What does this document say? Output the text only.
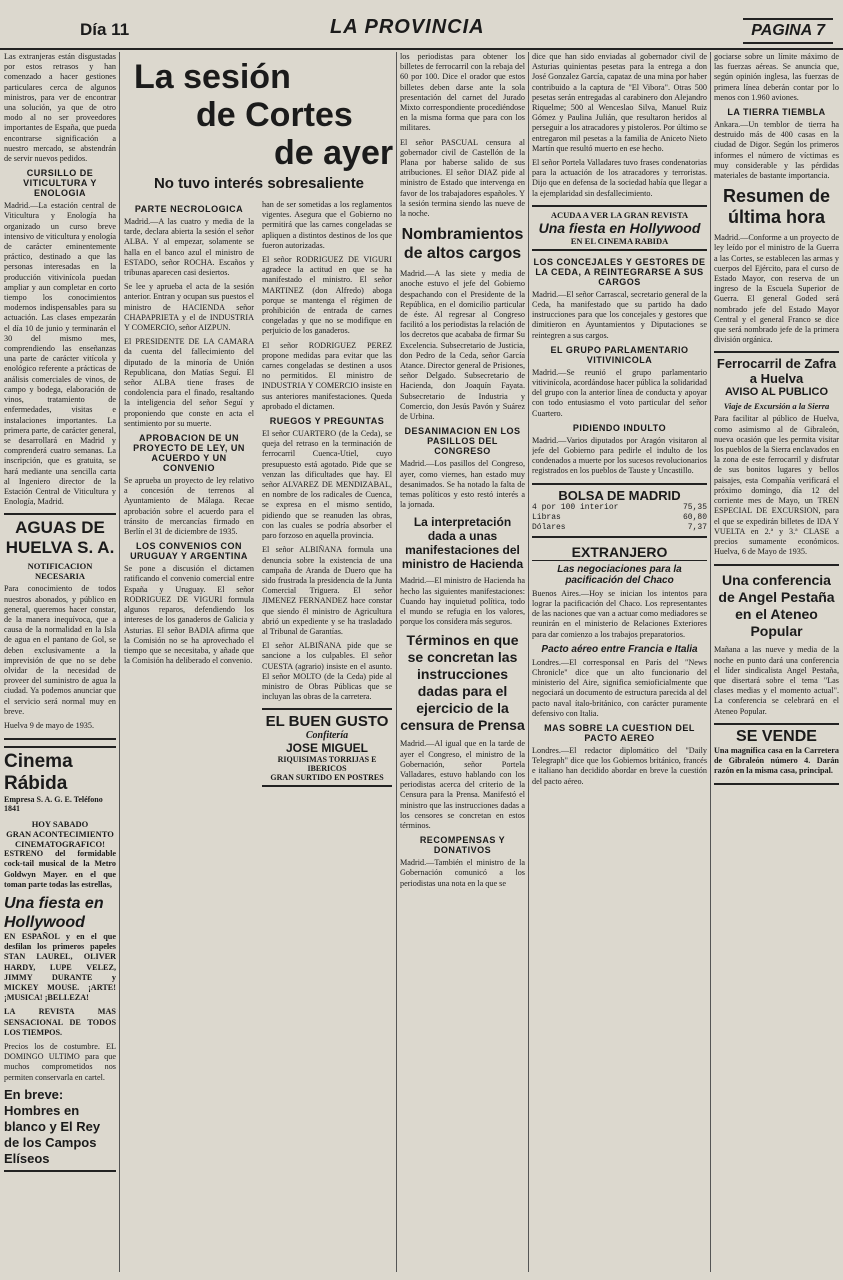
Día 11	LA PROVINCIA	PAGINA 7

Las extranjeras están disgustadas por estos retrasos y han comenzado a hacer gestiones particulares cerca de algunos ministros, para ver de encontrar una solución, ya que de otro modo al no ser proveedores importantes de España, que pueda encontrarse significación a nuestro mercado, se abstendrán de servir nuevos pedidos.

CURSILLO DE VITICULTURA Y ENOLOGIA

Madrid.—La estación central de Viticultura y Enología ha organizado un curso breve intensivo de viticultura y enología de carácter eminentemente práctico, destinado a que las personas interesadas en la producción vitivinícola puedan ampliar y aun completar en corto tiempo los conocimientos modernos indispensables para su actuación. Las clases empezarán el día 10 de junio y terminarán el 30 del mismo mes, comprendiendo las enseñanzas una parte de carácter vitícola y enológico referente a prácticas de análisis comerciales de vinos, de campo y bodega, elaboración de vinos, tratamiento de enfermedades, visitas e instalaciones importantes. La primera parte, de carácter general, se desarrollará en Madrid y comprenderá cuatro semanas. La inscripción, que es gratuita, se hará mediante una sencilla carta al Ingeniero director de la Estación Central de Viticultura y Enología, Madrid.

AGUAS DE HUELVA S. A.
NOTIFICACION NECESARIA

Para conocimiento de todos nuestros abonados, y público en general, queremos hacer constar, de la manera inequívoca, que a causa de la normalidad en la Isla de agua en el pantano de Gol, se deben exclusivamente a la imprevisión de que no se debe olvidar de la necesidad de proveer del suministro de agua la ciudad. Ya podemos anunciar que el servicio será normal muy en breve.

Huelva 9 de mayo de 1935.

Cinema Rábida
Empresa S. A. G. E. Teléfono 1841
HOY SABADO
GRAN ACONTECIMIENTO CINEMATOGRAFICO!

ESTRENO del formidable cock-tail musical de la Metro Goldwyn Mayer. en el que toman parte todas las estrellas,

Una fiesta en Hollywood

EN ESPAÑOL y en el que desfilan los primeros papeles STAN LAUREL, OLIVER HARDY, LUPE VELEZ, JIMMY DURANTE y MICKEY MOUSE. ¡ARTE! ¡MUSICA! ¡BELLEZA!

LA REVISTA MAS SENSACIONAL DE TODOS LOS TIEMPOS.

Precios los de costumbre. EL DOMINGO ULTIMO para que muchos comprometidos nos permiten conservarla en cartel.

En breve: Hombres en blanco y El Rey de los Campos Elíseos
La sesión
de Cortes
de ayer
No tuvo interés sobresaliente
PARTE NECROLOGICA

Madrid.—A las cuatro y media de la tarde, declara abierta la sesión el señor ALBA. Y al empezar, solamente se halla en el banco azul el ministro de ESTADO, señor ROCHA. Escaños y tribunas aparecen casi desiertos.

Se lee y aprueba el acta de la sesión anterior. Entran y ocupan sus puestos el ministro de HACIENDA señor CHAPAPRIETA y el de INDUSTRIA Y COMERCIO, señor AIZPUN.

El PRESIDENTE DE LA CAMARA da cuenta del fallecimiento del diputado de la minoría de Unión Republicana, don Matías Seguí. El señor ALBA tiene frases de condolencia para el finado, resaltando la inteligencia del señor Seguí y proponiendo que conste en acta el sentimiento por su muerte.

APROBACION DE UN PROYECTO DE LEY, UN ACUERDO Y UN CONVENIO

Se aprueba un proyecto de ley relativo a concesión de terrenos al Ayuntamiento de Málaga. Recae aprobación sobre el acuerdo para el tránsito de mercancías firmado en Berlín el 31 de diciembre de 1935.

LOS CONVENIOS CON URUGUAY Y ARGENTINA

Se pone a discusión el dictamen ratificando el convenio comercial entre España y Uruguay. El señor RODRIGUEZ DE VIGURI formula algunos reparos, defendiendo los intereses de los ganaderos de Galicia y Asturias. El señor BADIA afirma que la Comisión no se ha aprovechado el tiempo que se necesitaba, y añade que la Comisión ha deliberado el convenio.

han de ser sometidas a los reglamentos vigentes. Asegura que el Gobierno no permitirá que las carnes congeladas se apliquen a distintos destinos de los que fueron autorizadas.

El señor RODRIGUEZ DE VIGURI agradece la actitud en que se ha manifestado el ministro. El señor MARTINEZ (don Alfredo) aboga porque se mantenga el régimen de prohibición de entrada de carnes congeladas y que no se modifique en perjuicio de los ganaderos.

El señor RODRIGUEZ PEREZ propone medidas para evitar que las carnes congeladas se destinen a usos no permitidos. El ministro de INDUSTRIA Y COMERCIO insiste en sus anteriores manifestaciones. Queda aprobado el dictamen.

RUEGOS Y PREGUNTAS

El señor CUARTERO (de la Ceda), se queja del retraso en la terminación de ferrocarril Cuenca-Utiel, cuyo presupuesto está agotado. Pide que se venzan las dificultades que hay. El señor ALVAREZ DE MENDIZABAL, en nombre de los radicales de Cuenca, se expresa en el mismo sentido, pidiendo que se reanuden las obras, con las cuales se podría absorber el paro forzoso en aquella provincia.

El señor ALBIÑANA formula una denuncia sobre la existencia de una campaña de Aranda de Duero que ha sido frustrada la presidencia de la Junta Comercial Triguera. El señor JIMENEZ FERNANDEZ hace constar que siendo él ministro de Agricultura abrió un expediente y se ha trasladado al Tribunal de Garantías.

El señor ALBIÑANA pide que se sancione a los culpables. El señor CUESTA (agrario) insiste en el asunto. El señor MOLTO (de la Ceda) pide al ministro de Obras Públicas que se incluyan las obras de la carretera.

EL BUEN GUSTO
Confitería
JOSE MIGUEL
RIQUISIMAS TORRIJAS E IBERICOS
GRAN SURTIDO EN POSTRES

los periodistas para obtener los billetes de ferrocarril con la rebaja del 60 por 100. Dice el orador que estos billetes deben darse ante la sola presentación del carnet del Jurado Mixto correspondiente procediéndose en la misma forma que para con los militares.

El señor PASCUAL censura al gobernador civil de Castellón de la Plana por haberse salido de sus atribuciones. El señor DIAZ pide al ministro de Estado que intervenga en favor de los trabajadores españoles. Y la sesión termina siendo las nueve de la noche.

Nombramientos de altos cargos

Madrid.—A las siete y media de anoche estuvo el jefe del Gobierno despachando con el Presidente de la República, en el domicilio particular de éste. Al regresar al Congreso facilitó a los periodistas la relación de los decretos que acababa de firmar Su Excelencia. Subsecretario de Justicia, don Pedro de la Ceda, señor García Atance. Director general de Prisiones, señor Delgado. Subsecretario de Hacienda, don Joaquín Fayata. Subsecretario de Industria y Comercio, don Jesús Pavón y Suárez de Urbina.

DESANIMACION EN LOS PASILLOS DEL CONGRESO

Madrid.—Los pasillos del Congreso, ayer, como viernes, han estado muy desanimados. Se ha notado la falta de temas políticos y esto restó interés a la jornada.

La interpretación dada a unas manifestaciones del ministro de Hacienda

Madrid.—El ministro de Hacienda ha hecho las siguientes manifestaciones: Cuando hay inquietud política, todo el mundo se refugia en los valores, porque los considera más seguros.

Términos en que se concretan las instrucciones dadas para el ejercicio de la censura de Prensa

Madrid.—Al igual que en la tarde de ayer el Congreso, el ministro de la Gobernación, señor Portela Valladares, estuvo hablando con los periodistas acerca del criterio de la Censura para la Prensa. Manifestó el ministro que las instrucciones dadas a los censores se concretan en estos términos.

RECOMPENSAS Y DONATIVOS

Madrid.—También el ministro de la Gobernación comunicó a los periodistas una nota en la que se

dice que han sido enviadas al gobernador civil de Asturias quinientas pesetas para la entrega a don José Gonzalez García, capataz de una mina por haber contribuido a la captura de "El Vibora". Otras 500 pesetas serán entregadas al carabinero don Alejandro Riquelme; 500 al Wenceslao Silva, Manuel Ruiz Gómez y Paulina Julián, que resultaron heridos al perseguir a los atracadores y pistoleros. Por último se entregaron mil pesetas a la familia de Aniceto Nieto Martín que resultó muerto en ese hecho.

El señor Portela Valladares tuvo frases condenatorias para la actuación de los atracadores y terroristas. Dijo que en defensa de la sociedad había que llegar a la ejemplaridad sin desfallecimiento.

ACUDA A VER LA GRAN REVISTA
Una fiesta en Hollywood
EN EL CINEMA RABIDA
LOS CONCEJALES Y GESTORES DE LA CEDA, A REINTEGRARSE A SUS CARGOS

Madrid.—El señor Carrascal, secretario general de la Ceda, ha manifestado que su partido ha dado instrucciones para que los concejales y gestores que dimitieron en Ayuntamientos y Diputaciones se reintegren a sus cargos.

EL GRUPO PARLAMENTARIO VITIVINICOLA

Madrid.—Se reunió el grupo parlamentario vitivinícola, acordándose hacer pública la solidaridad del grupo con la anterior línea de conducta y apoyar con todo entusiasmo el voto particular del señor Cuartero.

PIDIENDO INDULTO

Madrid.—Varios diputados por Aragón visitaron al jefe del Gobierno para pedirle el indulto de los condenados a muerte por los sucesos revolucionarios registrados en los pueblos de Tauste y Uncastillo.

BOLSA DE MADRID
4 por 100 interior	75,35
Libras	60,80
Dólares	7,37
EXTRANJERO
Las negociaciones para la pacificación del Chaco

Buenos Aires.—Hoy se inician los intentos para lograr la pacificación del Chaco. Los representantes de las naciones que van a actuar como mediadores se reunirán en el ministerio de Relaciones Exteriores para dar comienzo a los trabajos preparatorios.

Pacto aéreo entre Francia e Italia

Londres.—El corresponsal en París del "News Chronicle" dice que un alto funcionario del ministerio del Aire, significa semioficialmente que negociará un documento de estructura parecida al del pacto naval ítalo-británico, con carácter puramente defensivo con Italia.

MAS SOBRE LA CUESTION DEL PACTO AEREO

Londres.—El redactor diplomático del "Daily Telegraph" dice que los Gobiernos británico, francés e italiano han decidido abordar en breve la cuestión del pacto aéreo.

gociarse sobre un límite máximo de las fuerzas aéreas. Se anuncia que, según opinión inglesa, las fuerzas de primera línea deberán contar por lo menos con 1.960 aviones.

LA TIERRA TIEMBLA

Ankara.—Un temblor de tierra ha destruido más de 400 casas en la ciudad de Digor. Según los primeros informes el número de víctimas es muy considerable y las pérdidas materiales de bastante importancia.

Resumen de última hora

Madrid.—Conforme a un proyecto de ley leído por el ministro de la Guerra a las Cortes, se establecen las armas y cuerpos del Ejército, para el curso de Estado Mayor, con reserva de un ingreso de la Escuela Superior de Guerra. El general Goded será nombrado jefe del Estado Mayor Central y el general Franco se dice que será nombrado jefe de la primera división orgánica.

Ferrocarril de Zafra a Huelva
AVISO AL PUBLICO
Viaje de Excursión a la Sierra

Para facilitar al público de Huelva, como asimismo al de Gibraleón, nueva ocasión que les permita visitar los pueblos de la Sierra enclavados en la zona de este ferrocarril y disfrutar de sus bonitos lugares y bellos paisajes, esta Compañía verificará el próximo domingo, día 12 del corriente mes de Mayo, un TREN ESPECIAL DE EXCURSION, para el que se expedirán billetes de IDA Y VUELTA en 2.ª y 3.ª CLASE a precios sumamente económicos. Huelva, 6 de Mayo de 1935.

Una conferencia de Angel Pestaña en el Ateneo Popular

Mañana a las nueve y media de la noche en punto dará una conferencia el líder sindicalista Angel Pestaña, que disertará sobre el tema "Las clases medias y el momento actual". La conferencia se celebrará en el Ateneo Popular.

SE VENDE

Una magnífica casa en la Carretera de Gibraleón número 4. Darán razón en la misma casa, principal.
